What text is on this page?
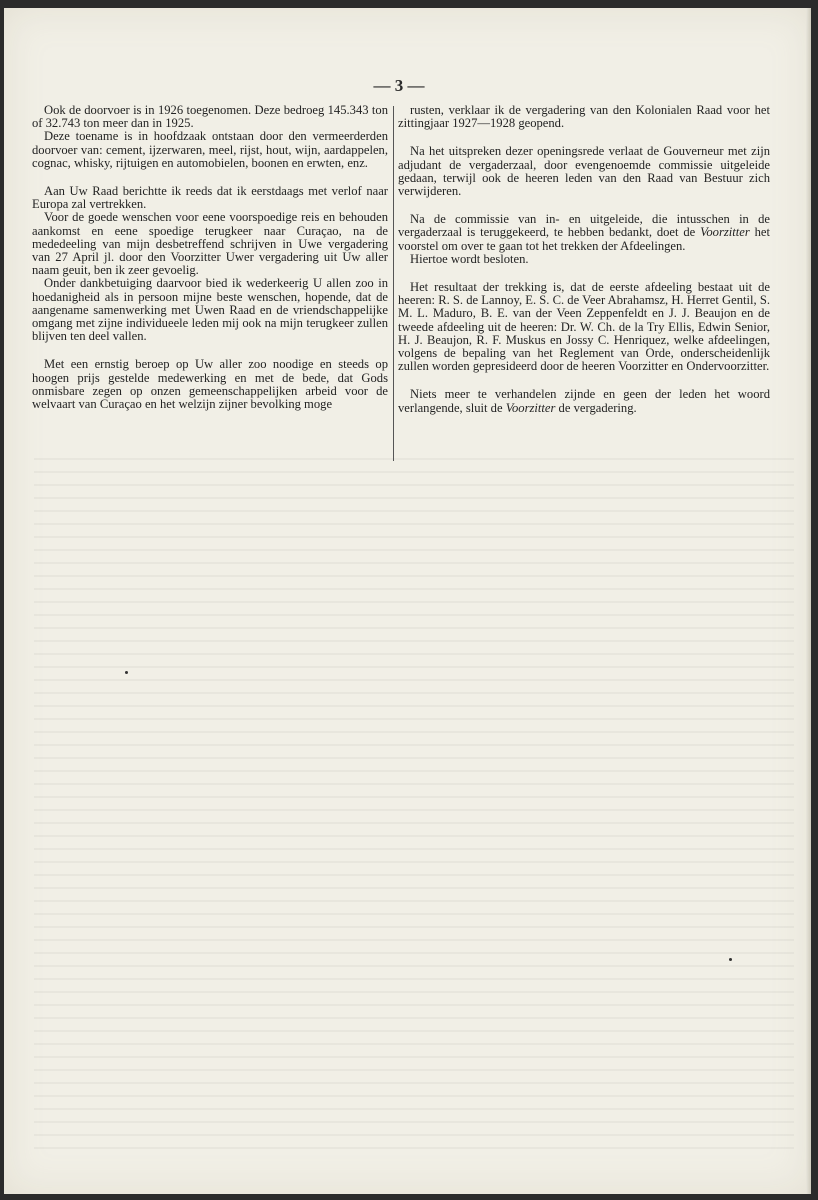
— 3 —

Ook de doorvoer is in 1926 toegenomen. Deze bedroeg 145.343 ton of 32.743 ton meer dan in 1925.

Deze toename is in hoofdzaak ontstaan door den vermeerderden doorvoer van: cement, ijzerwaren, meel, rijst, hout, wijn, aardappelen, cognac, whisky, rijtuigen en automobielen, boonen en erwten, enz.

Aan Uw Raad berichtte ik reeds dat ik eerstdaags met verlof naar Europa zal vertrekken.

Voor de goede wenschen voor eene voorspoedige reis en behouden aankomst en eene spoedige terugkeer naar Curaçao, na de mededeeling van mijn desbetreffend schrijven in Uwe vergadering van 27 April jl. door den Voorzitter Uwer vergadering uit Uw aller naam geuit, ben ik zeer gevoelig.

Onder dankbetuiging daarvoor bied ik wederkeerig U allen zoo in hoedanigheid als in persoon mijne beste wenschen, hopende, dat de aangename samenwerking met Uwen Raad en de vriendschappelijke omgang met zijne individueele leden mij ook na mijn terugkeer zullen blijven ten deel vallen.

Met een ernstig beroep op Uw aller zoo noodige en steeds op hoogen prijs gestelde medewerking en met de bede, dat Gods onmisbare zegen op onzen gemeenschappelijken arbeid voor de welvaart van Curaçao en het welzijn zijner bevolking moge

rusten, verklaar ik de vergadering van den Kolonialen Raad voor het zittingjaar 1927—1928 geopend.

Na het uitspreken dezer openingsrede verlaat de Gouverneur met zijn adjudant de vergaderzaal, door evengenoemde commissie uitgeleide gedaan, terwijl ook de heeren leden van den Raad van Bestuur zich verwijderen.

Na de commissie van in- en uitgeleide, die intusschen in de vergaderzaal is teruggekeerd, te hebben bedankt, doet de Voorzitter het voorstel om over te gaan tot het trekken der Afdeelingen.

Hiertoe wordt besloten.

Het resultaat der trekking is, dat de eerste afdeeling bestaat uit de heeren: R. S. de Lannoy, E. S. C. de Veer Abrahamsz, H. Herret Gentil, S. M. L. Maduro, B. E. van der Veen Zeppenfeldt en J. J. Beaujon en de tweede afdeeling uit de heeren: Dr. W. Ch. de la Try Ellis, Edwin Senior, H. J. Beaujon, R. F. Muskus en Jossy C. Henriquez, welke afdeelingen, volgens de bepaling van het Reglement van Orde, onderscheidenlijk zullen worden gepresideerd door de heeren Voorzitter en Ondervoorzitter.

Niets meer te verhandelen zijnde en geen der leden het woord verlangende, sluit de Voorzitter de vergadering.
